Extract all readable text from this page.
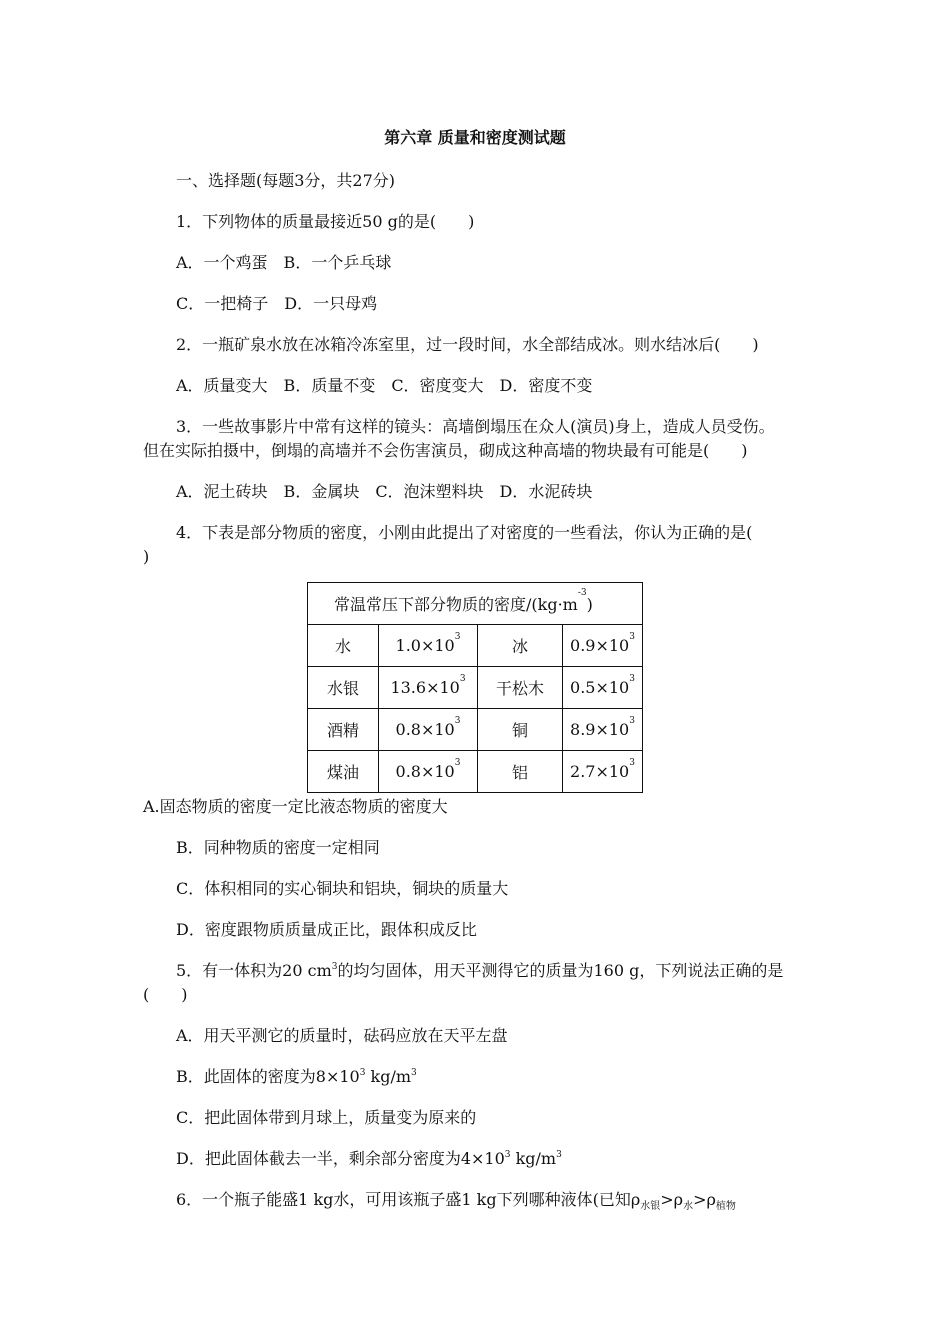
第六章 质量和密度测试题
一、选择题(每题3分，共27分)
1．下列物体的质量最接近50 g的是(　　)
A．一个鸡蛋　B．一个乒乓球
C．一把椅子　D．一只母鸡
2．一瓶矿泉水放在冰箱冷冻室里，过一段时间，水全部结成冰。则水结冰后(　　)
A．质量变大　B．质量不变　C．密度变大　D．密度不变
3．一些故事影片中常有这样的镜头：高墙倒塌压在众人(演员)身上，造成人员受伤。
但在实际拍摄中，倒塌的高墙并不会伤害演员，砌成这种高墙的物块最有可能是(　　)
A．泥土砖块　B．金属块　C．泡沫塑料块　D．水泥砖块
4．下表是部分物质的密度，小刚由此提出了对密度的一些看法，你认为正确的是(
)
常温常压下部分物质的密度$/(kg\cdot m^{-3})$			
水	$1.0\times 10^3$	冰	$0.9\times 10^3$
水银	$13.6\times 10^3$	干松木	$0.5\times 10^3$
酒精	$0.8\times 10^3$	铜	$8.9\times 10^3$
煤油	$0.8\times 10^3$	铝	$2.7\times 10^3$
A.固态物质的密度一定比液态物质的密度大
B．同种物质的密度一定相同
C．体积相同的实心铜块和铝块，铜块的质量大
D．密度跟物质质量成正比，跟体积成反比
5．有一体积为20 $cm^3$的均匀固体，用天平测得它的质量为160 g，下列说法正确的是
(　　)
A．用天平测它的质量时，砝码应放在天平左盘
B．此固体的密度为$8\times 10^3$ $kg/m^3$
C．把此固体带到月球上，质量变为原来的
D．把此固体截去一半，剩余部分密度为$4\times 10^3$ $kg/m^3$
6．一个瓶子能盛1 kg水，可用该瓶子盛1 kg下列哪种液体(已知$\rho_{水银}>\rho_水>\rho_{植物}$
